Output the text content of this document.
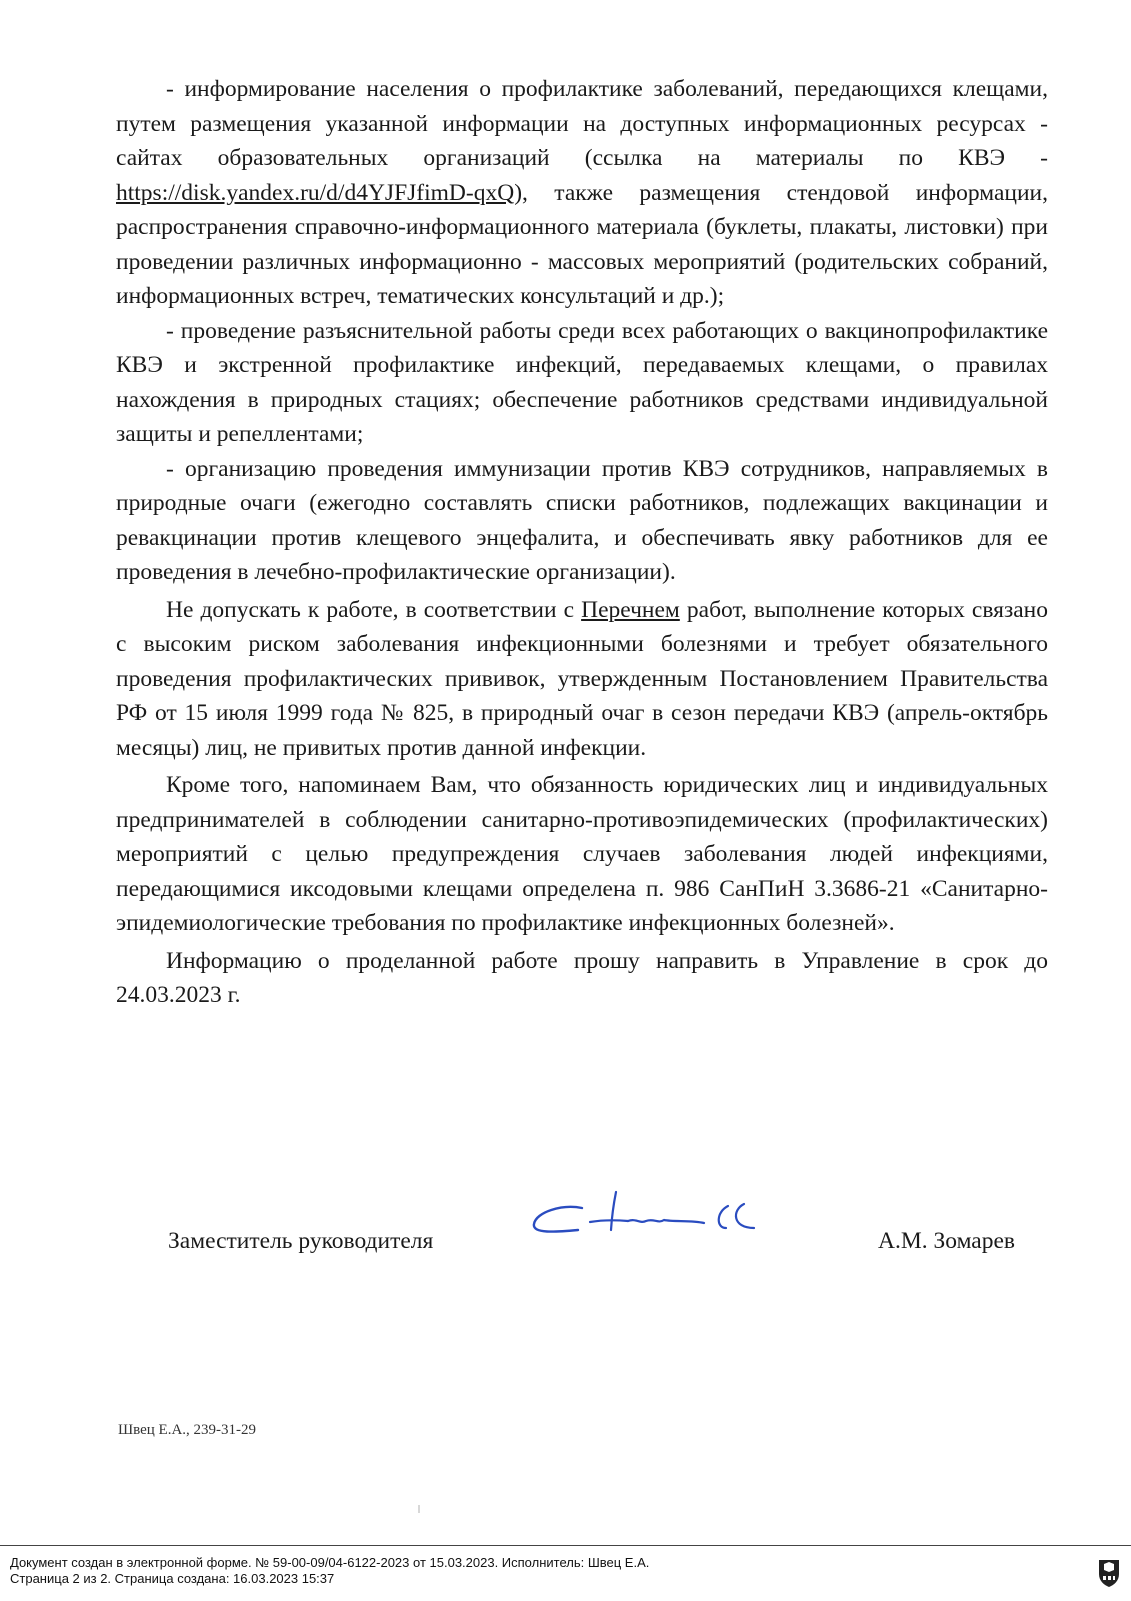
- информирование населения о профилактике заболеваний, передающихся клещами, путем размещения указанной информации на доступных информационных ресурсах - сайтах образовательных организаций (ссылка на материалы по КВЭ - https://disk.yandex.ru/d/d4YJFJfimD-qxQ), также размещения стендовой информации, распространения справочно-информационного материала (буклеты, плакаты, листовки) при проведении различных информационно - массовых мероприятий (родительских собраний, информационных встреч, тематических консультаций и др.);

- проведение разъяснительной работы среди всех работающих о вакцинопрофилактике КВЭ и экстренной профилактике инфекций, передаваемых клещами, о правилах нахождения в природных стациях; обеспечение работников средствами индивидуальной защиты и репеллентами;

- организацию проведения иммунизации против КВЭ сотрудников, направляемых в природные очаги (ежегодно составлять списки работников, подлежащих вакцинации и ревакцинации против клещевого энцефалита, и обеспечивать явку работников для ее проведения в лечебно-профилактические организации).

Не допускать к работе, в соответствии с Перечнем работ, выполнение которых связано с высоким риском заболевания инфекционными болезнями и требует обязательного проведения профилактических прививок, утвержденным Постановлением Правительства РФ от 15 июля 1999 года № 825, в природный очаг в сезон передачи КВЭ (апрель-октябрь месяцы) лиц, не привитых против данной инфекции.

Кроме того, напоминаем Вам, что обязанность юридических лиц и индивидуальных предпринимателей в соблюдении санитарно-противоэпидемических (профилактических) мероприятий с целью предупреждения случаев заболевания людей инфекциями, передающимися иксодовыми клещами определена п. 986 СанПиН 3.3686-21 «Санитарно-эпидемиологические требования по профилактике инфекционных болезней».

Информацию о проделанной работе прошу направить в Управление в срок до 24.03.2023 г.

Заместитель руководителя	А.М. Зомарев
Швец Е.А., 239-31-29
Документ создан в электронной форме. № 59-00-09/04-6122-2023 от 15.03.2023. Исполнитель: Швец Е.А.
Страница 2 из 2. Страница создана: 16.03.2023 15:37
